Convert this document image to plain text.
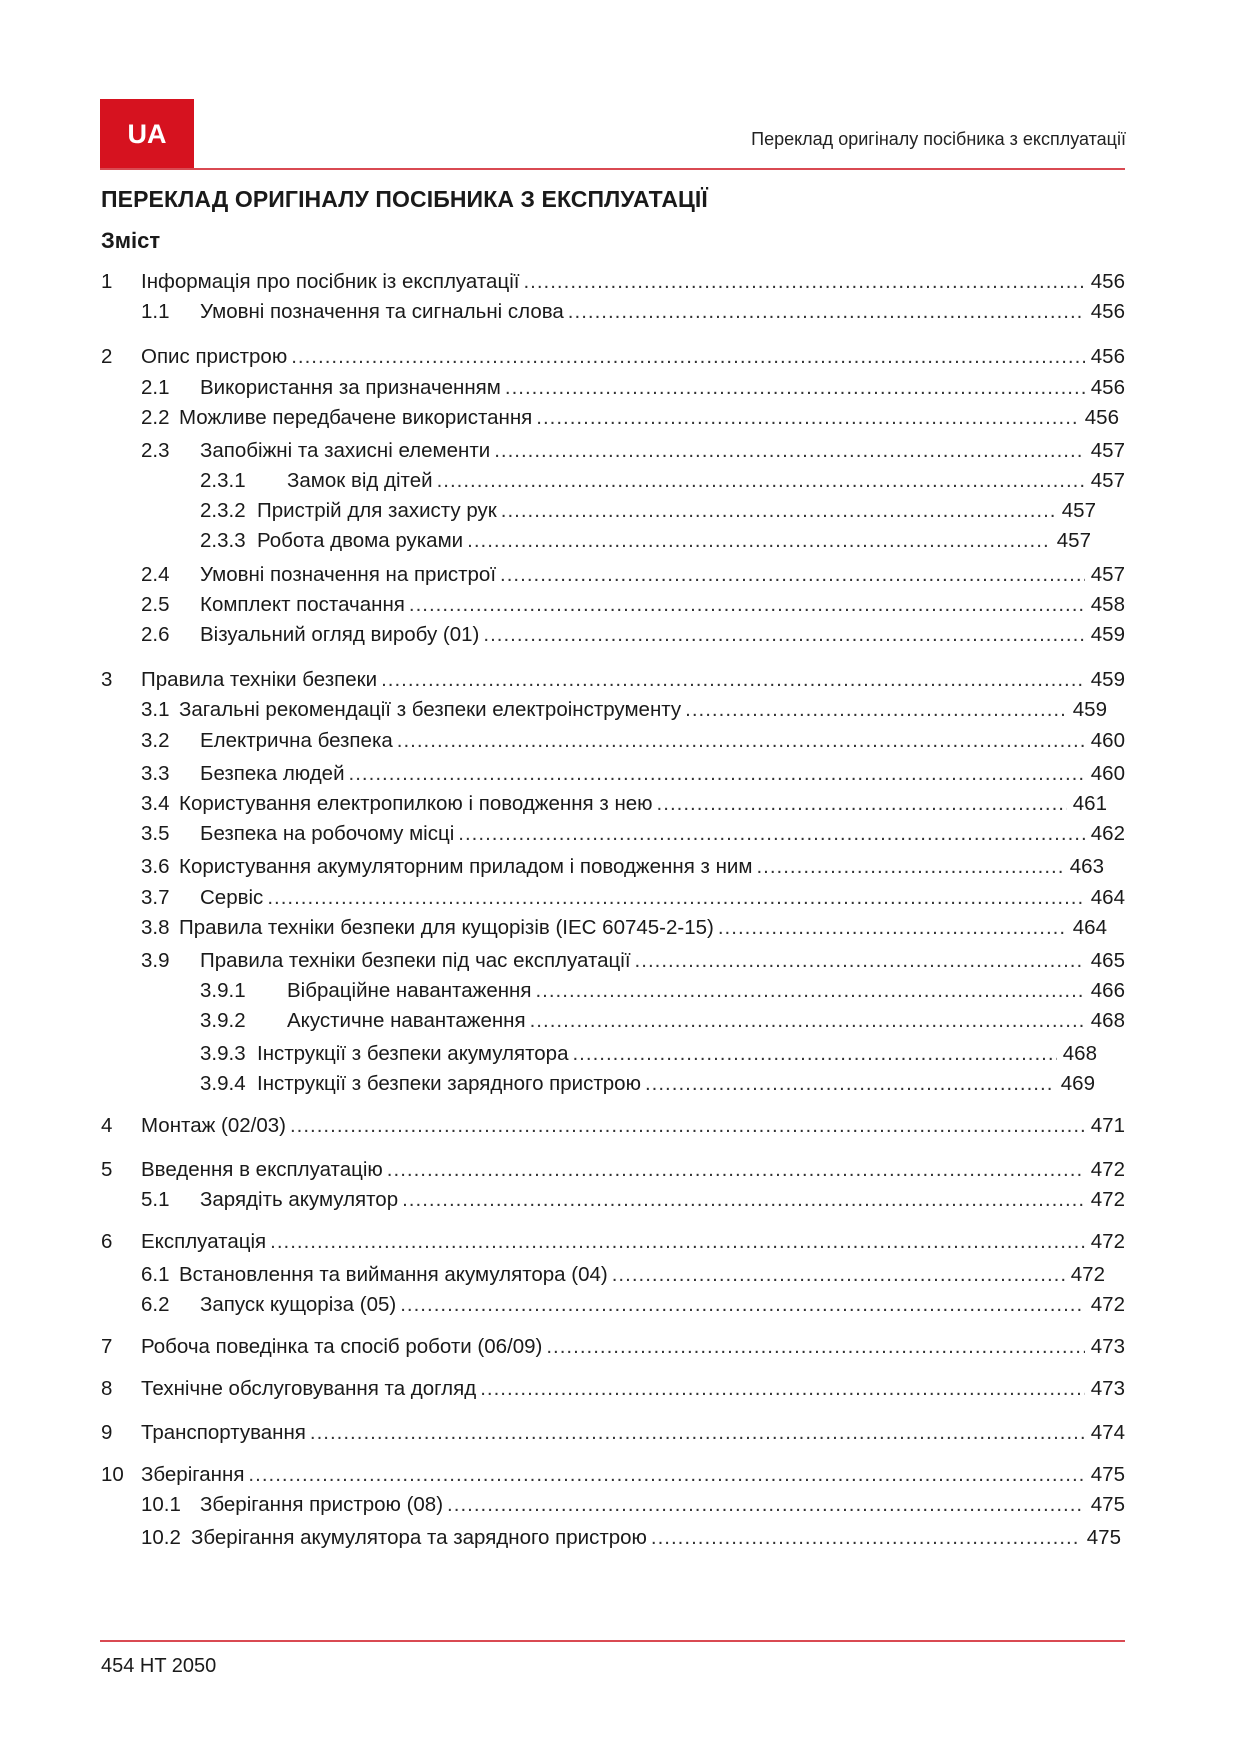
UA	Переклад оригіналу посібника з експлуатації
ПЕРЕКЛАД ОРИГІНАЛУ ПОСІБНИКА З ЕКСПЛУАТАЦІЇ
Зміст
1	Інформація про посібник із експлуатації .....	456
1.1	Умовні позначення та сигнальні слова .....	456
2	Опис пристрою .....	456
2.1	Використання за призначенням .....	456
2.2 Можливе передбачене використання .....	456
2.3	Запобіжні та захисні елементи .....	457
2.3.1	Замок від дітей .....	457
2.3.2 Пристрій для захисту рук .....	457
2.3.3 Робота двома руками .....	457
2.4	Умовні позначення на пристрої .....	457
2.5	Комплект постачання .....	458
2.6	Візуальний огляд виробу (01) .....	459
3	Правила техніки безпеки .....	459
3.1 Загальні рекомендації з безпеки електроінструменту .....	459
3.2	Електрична безпека .....	460
3.3	Безпека людей .....	460
3.4 Користування електропилкою і поводження з нею .....	461
3.5	Безпека на робочому місці .....	462
3.6 Користування акумуляторним приладом і поводження з ним .....	463
3.7	Сервіс .....	464
3.8 Правила техніки безпеки для кущорізів (IEC 60745-2-15) .....	464
3.9	Правила техніки безпеки під час експлуатації .....	465
3.9.1	Вібраційне навантаження .....	466
3.9.2	Акустичне навантаження .....	468
3.9.3 Інструкції з безпеки акумулятора .....	468
3.9.4 Інструкції з безпеки зарядного пристрою .....	469
4	Монтаж (02/03) .....	471
5	Введення в експлуатацію .....	472
5.1	Зарядіть акумулятор .....	472
6	Експлуатація .....	472
6.1 Встановлення та виймання акумулятора (04) .....	472
6.2	Запуск кущоріза (05) .....	472
7	Робоча поведінка та спосіб роботи (06/09) .....	473
8	Технічне обслуговування та догляд .....	473
9	Транспортування .....	474
10 Зберігання .....	475
10.1 Зберігання пристрою (08) .....	475
10.2 Зберігання акумулятора та зарядного пристрою .....	475
454 HT 2050
